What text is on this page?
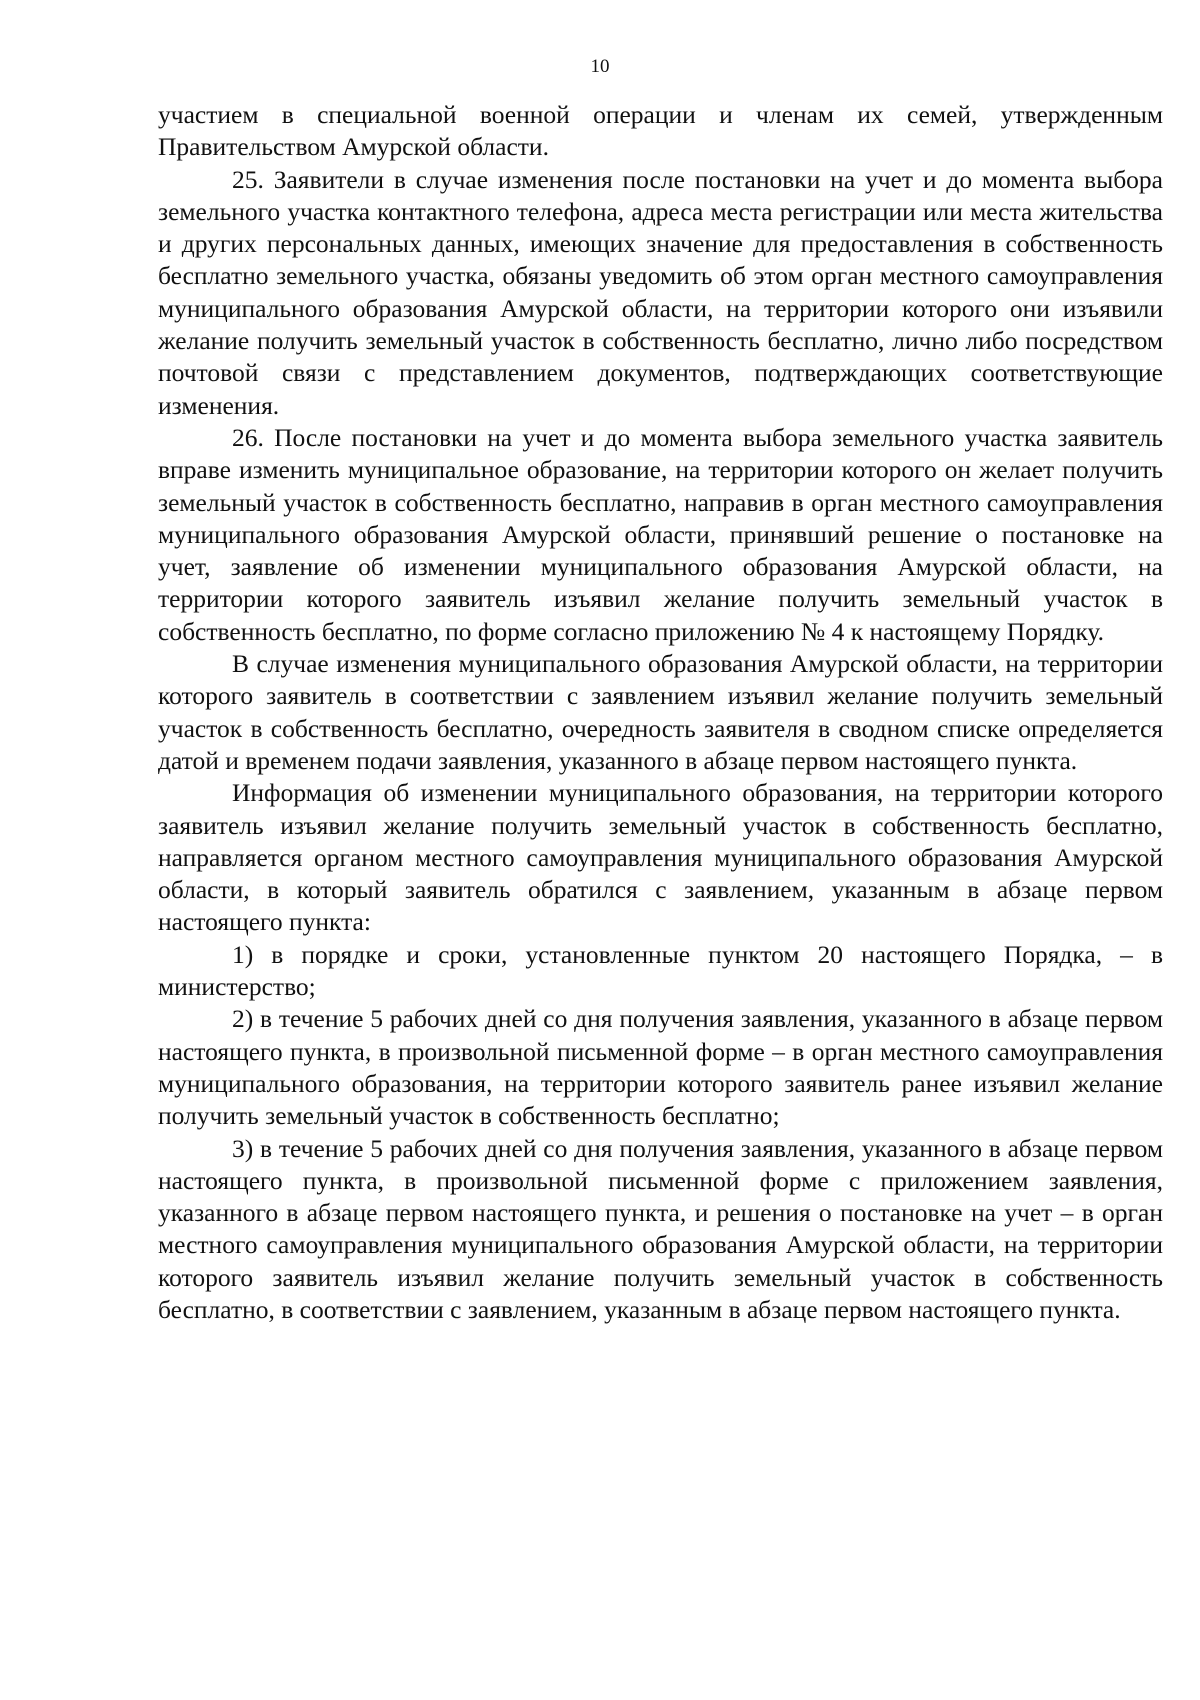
10

участием в специальной военной операции и членам их семей, утвержденным Правительством Амурской области.

25. Заявители в случае изменения после постановки на учет и до момента выбора земельного участка контактного телефона, адреса места регистрации или места жительства и других персональных данных, имеющих значение для предоставления в собственность бесплатно земельного участка, обязаны уведомить об этом орган местного самоуправления муниципального образования Амурской области, на территории которого они изъявили желание получить земельный участок в собственность бесплатно, лично либо посредством почтовой связи с представлением документов, подтверждающих соответствующие изменения.

26. После постановки на учет и до момента выбора земельного участка заявитель вправе изменить муниципальное образование, на территории которого он желает получить земельный участок в собственность бесплатно, направив в орган местного самоуправления муниципального образования Амурской области, принявший решение о постановке на учет, заявление об изменении муниципального образования Амурской области, на территории которого заявитель изъявил желание получить земельный участок в собственность бесплатно, по форме согласно приложению № 4 к настоящему Порядку.

В случае изменения муниципального образования Амурской области, на территории которого заявитель в соответствии с заявлением изъявил желание получить земельный участок в собственность бесплатно, очередность заявителя в сводном списке определяется датой и временем подачи заявления, указанного в абзаце первом настоящего пункта.

Информация об изменении муниципального образования, на территории которого заявитель изъявил желание получить земельный участок в собственность бесплатно, направляется органом местного самоуправления муниципального образования Амурской области, в который заявитель обратился с заявлением, указанным в абзаце первом настоящего пункта:

1) в порядке и сроки, установленные пунктом 20 настоящего Порядка, – в министерство;

2) в течение 5 рабочих дней со дня получения заявления, указанного в абзаце первом настоящего пункта, в произвольной письменной форме – в орган местного самоуправления муниципального образования, на территории которого заявитель ранее изъявил желание получить земельный участок в собственность бесплатно;

3) в течение 5 рабочих дней со дня получения заявления, указанного в абзаце первом настоящего пункта, в произвольной письменной форме с приложением заявления, указанного в абзаце первом настоящего пункта, и решения о постановке на учет – в орган местного самоуправления муниципального образования Амурской области, на территории которого заявитель изъявил желание получить земельный участок в собственность бесплатно, в соответствии с заявлением, указанным в абзаце первом настоящего пункта.
